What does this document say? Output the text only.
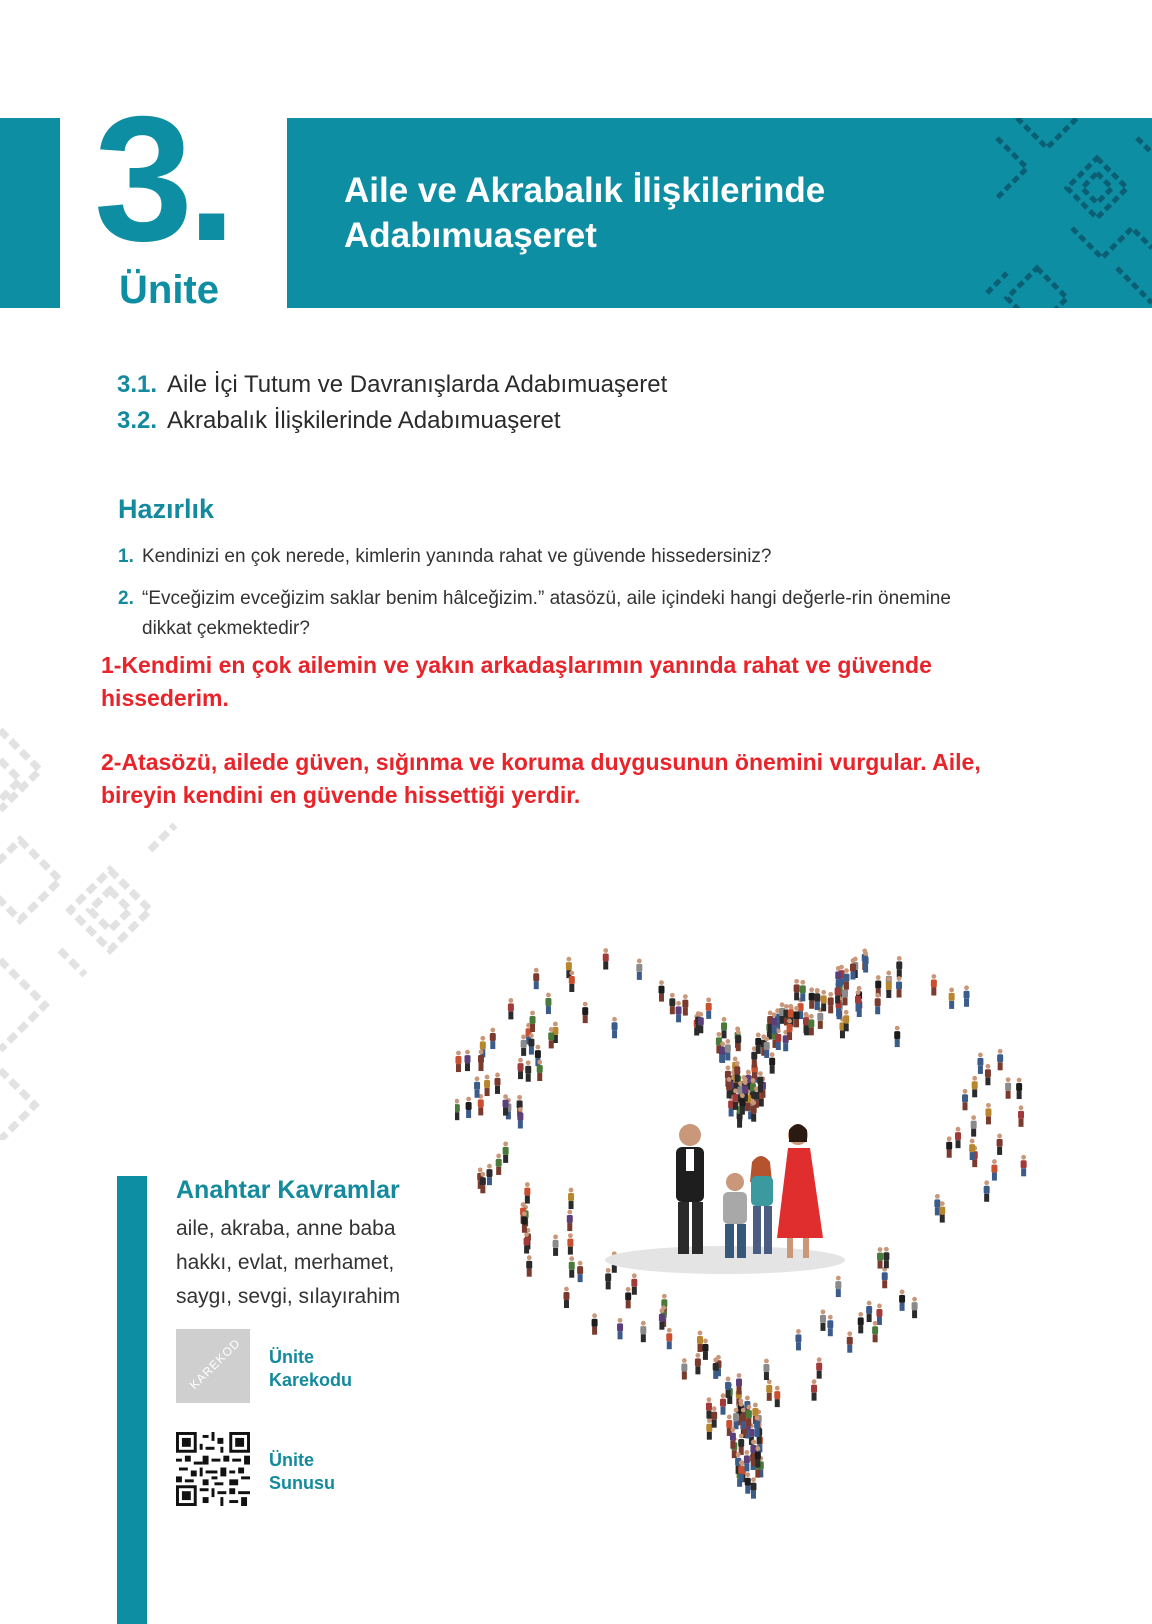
3.
Ünite
Aile ve Akrabalık İlişkilerinde
Adabımuaşeret
3.1. Aile İçi Tutum ve Davranışlarda Adabımuaşeret
3.2. Akrabalık İlişkilerinde Adabımuaşeret
Hazırlık
1. Kendinizi en çok nerede, kimlerin yanında rahat ve güvende hissedersiniz?
2. “Evceğizim evceğizim saklar benim hâlceğizim.” atasözü, aile içindeki hangi değerle-rin önemine dikkat çekmektedir?
1-Kendimi en çok ailemin ve yakın arkadaşlarımın yanında rahat ve güvende hissederim.
2-Atasözü, ailede güven, sığınma ve koruma duygusunun önemini vurgular. Aile, bireyin kendini en güvende hissettiği yerdir.
Anahtar Kavramlar
aile, akraba, anne baba hakkı, evlat, merhamet, saygı, sevgi, sılayırahim
KAREKOD Ünite
Karekodu
Ünite
Sunusu
